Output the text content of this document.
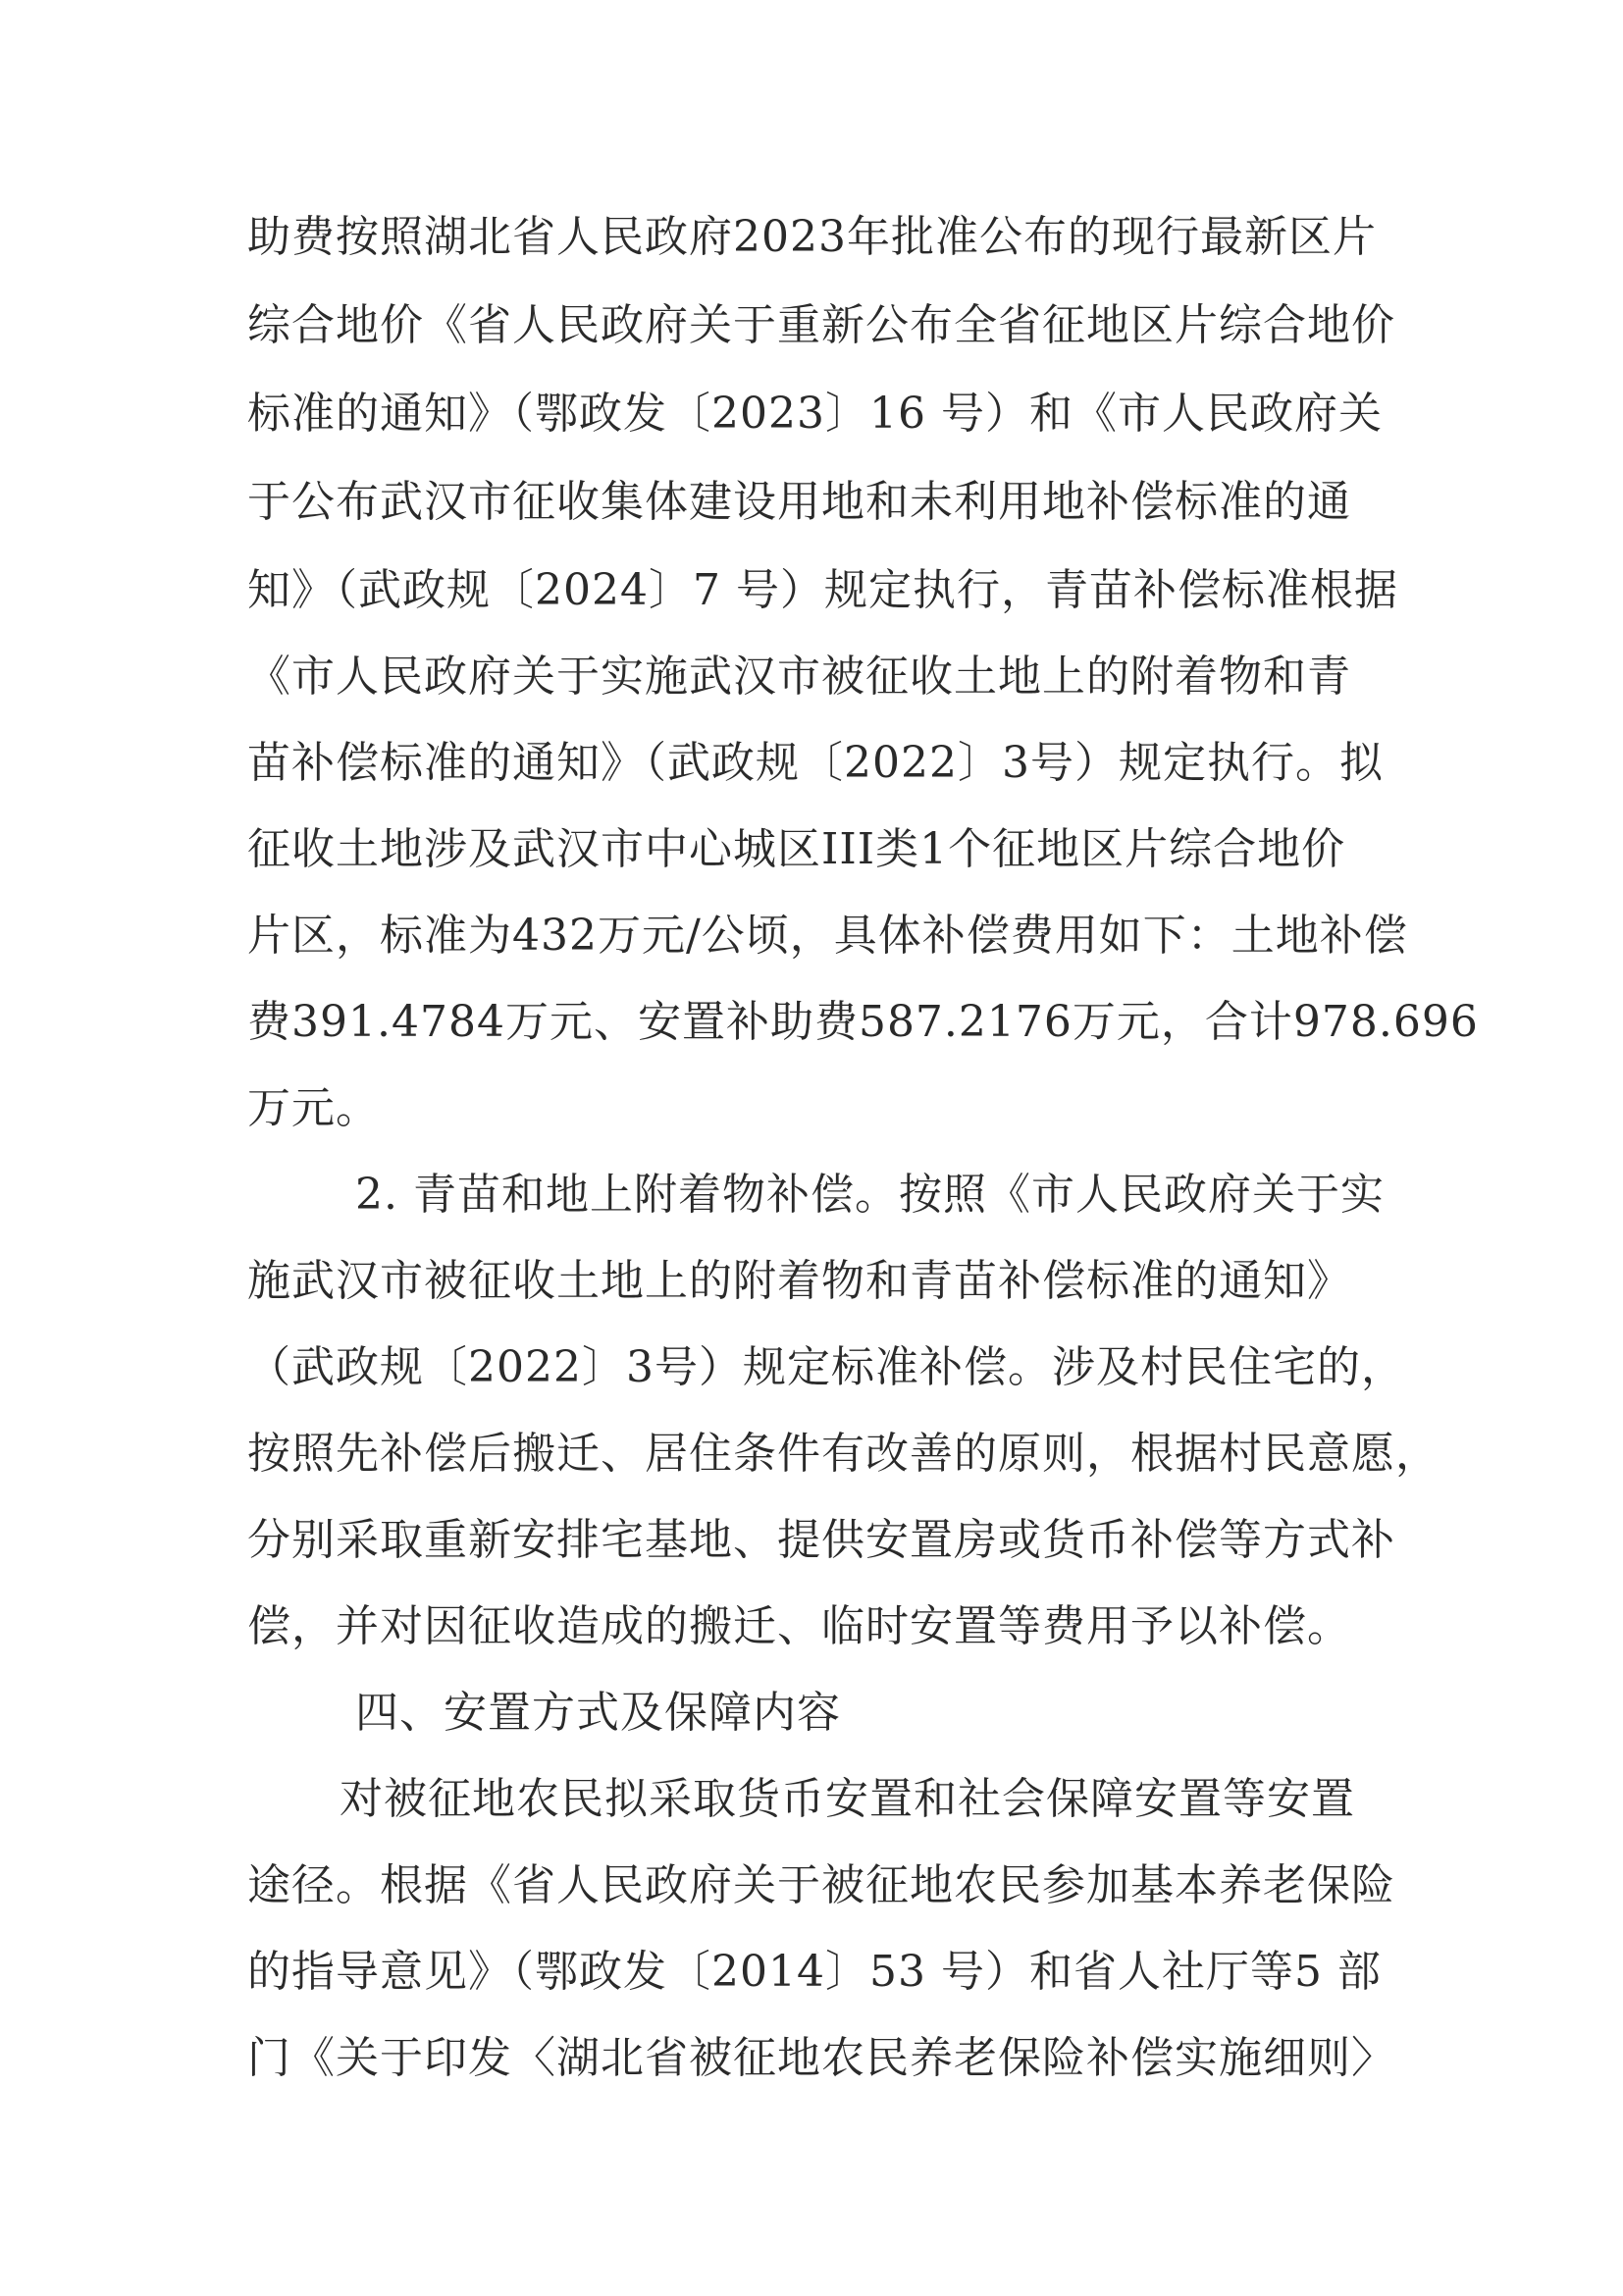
助费按照湖北省人民政府2023年批准公布的现行最新区片
综合地价《省人民政府关于重新公布全省征地区片综合地价
标准的通知》（鄂政发〔2023〕16 号）和《市人民政府关
于公布武汉市征收集体建设用地和未利用地补偿标准的通
知》（武政规〔2024〕7 号）规定执行，青苗补偿标准根据
《市人民政府关于实施武汉市被征收土地上的附着物和青
苗补偿标准的通知》（武政规〔2022〕3号）规定执行。拟
征收土地涉及武汉市中心城区III类1个征地区片综合地价
片区，标准为432万元/公顷，具体补偿费用如下：土地补偿
费391.4784万元、安置补助费587.2176万元，合计978.696
万元。
2. 青苗和地上附着物补偿。按照《市人民政府关于实
施武汉市被征收土地上的附着物和青苗补偿标准的通知》
（武政规〔2022〕3号）规定标准补偿。涉及村民住宅的，
按照先补偿后搬迁、居住条件有改善的原则，根据村民意愿，
分别采取重新安排宅基地、提供安置房或货币补偿等方式补
偿，并对因征收造成的搬迁、临时安置等费用予以补偿。
四、安置方式及保障内容
对被征地农民拟采取货币安置和社会保障安置等安置
途径。根据《省人民政府关于被征地农民参加基本养老保险
的指导意见》（鄂政发〔2014〕53 号）和省人社厅等5 部
门《关于印发〈湖北省被征地农民养老保险补偿实施细则〉
